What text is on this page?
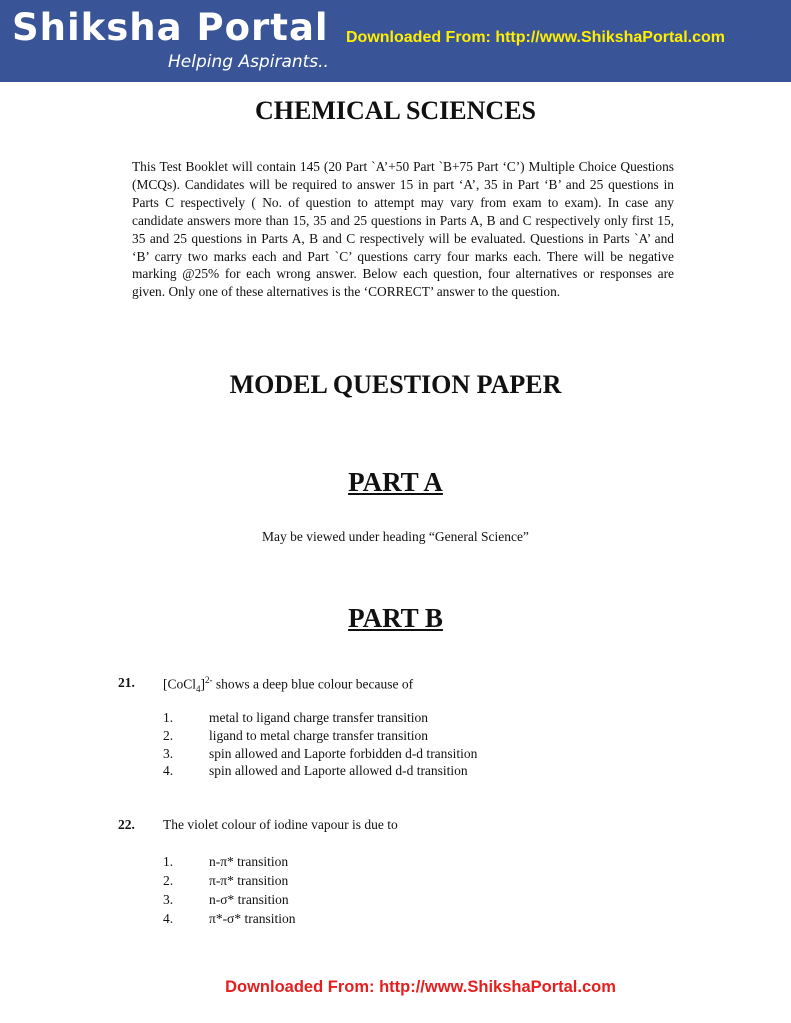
Shiksha Portal
Helping Aspirants..
Downloaded From: http://www.ShikshaPortal.com
CHEMICAL SCIENCES

This Test Booklet will contain 145 (20 Part `A’+50 Part `B+75 Part ‘C’) Multiple Choice Questions (MCQs). Candidates will be required to answer 15 in part ‘A’, 35 in Part ‘B’ and 25 questions in Parts C respectively ( No. of question to attempt may vary from exam to exam). In case any candidate answers more than 15, 35 and 25 questions in Parts A, B and C respectively only first 15, 35 and 25 questions in Parts A, B and C respectively will be evaluated. Questions in Parts `A’ and ‘B’ carry two marks each and Part `C’ questions carry four marks each. There will be negative marking @25% for each wrong answer. Below each question, four alternatives or responses are given. Only one of these alternatives is the ‘CORRECT’ answer to the question.

MODEL QUESTION PAPER
PART A

May be viewed under heading “General Science”

PART B
21. [CoCl$_4$]$^{2-}$ shows a deep blue colour because of
1.	metal to ligand charge transfer transition
2.	ligand to metal charge transfer transition
3.	spin allowed and Laporte forbidden d-d transition
4.	spin allowed and Laporte allowed d-d transition
22. The violet colour of iodine vapour is due to
1.	n-π* transition
2.	π-π* transition
3.	n-σ* transition
4.	π*-σ* transition

Downloaded From: http://www.ShikshaPortal.com
